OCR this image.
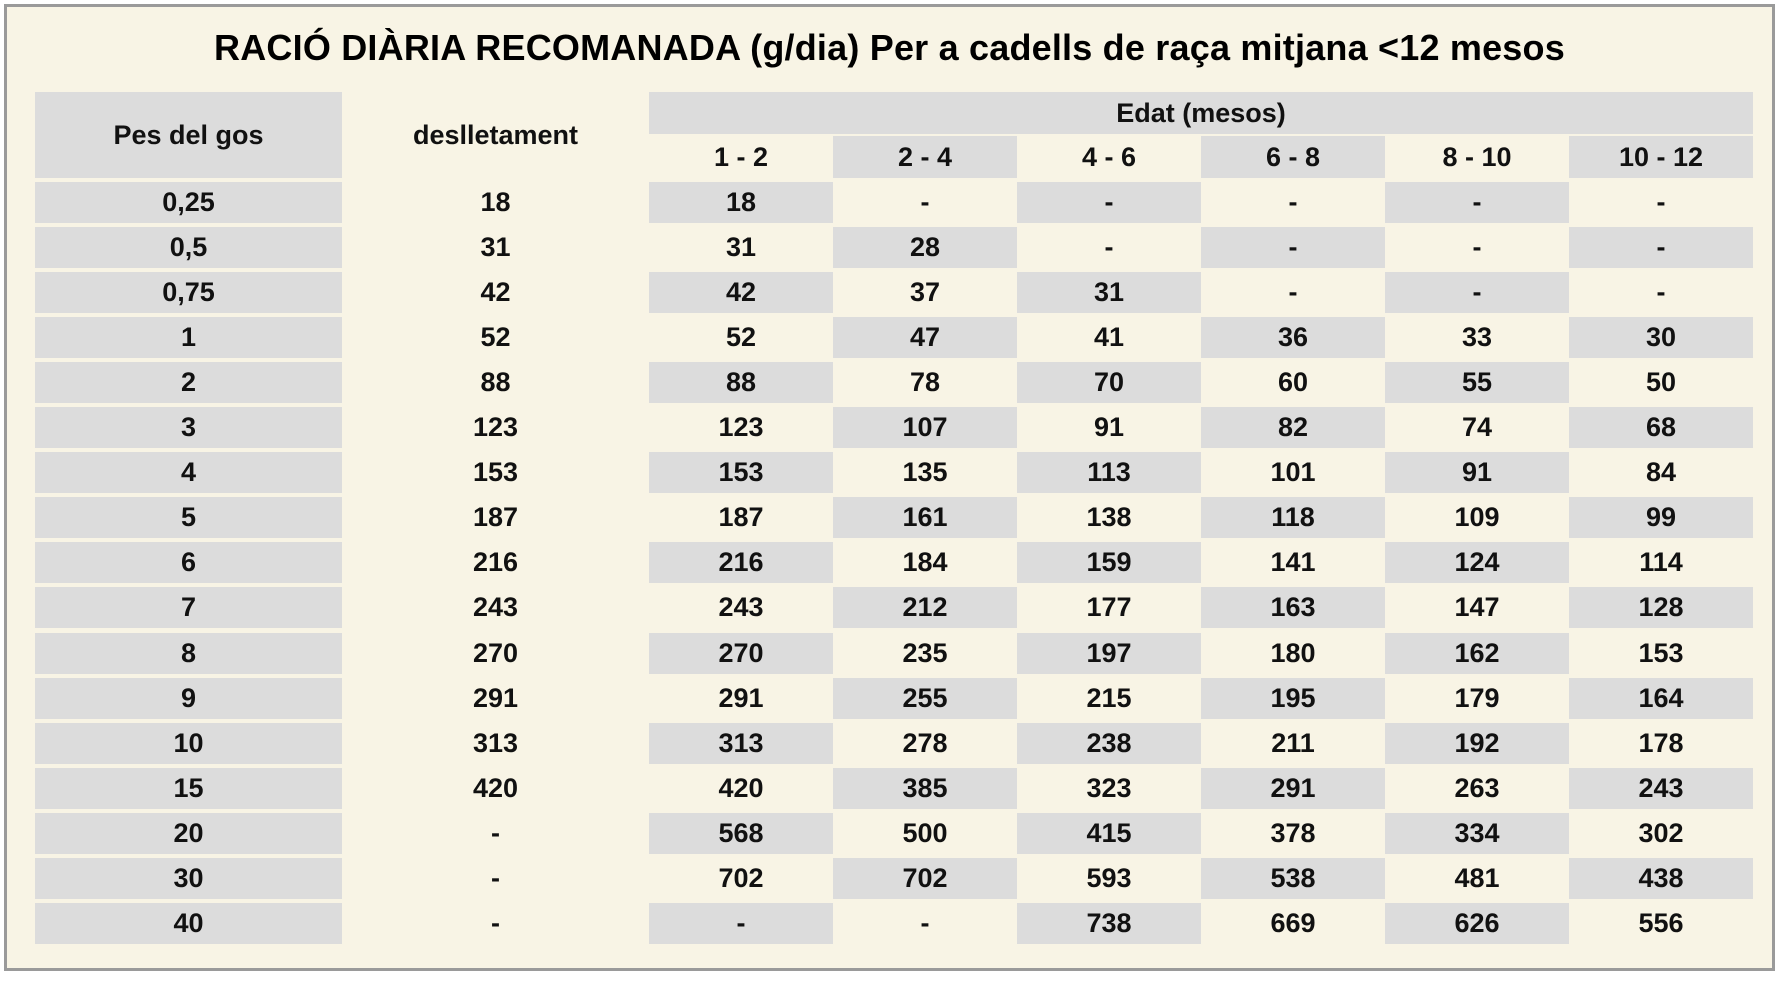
RACIÓ DIÀRIA RECOMANADA (g/dia) Per a cadells de raça mitjana <12 mesos
Pes del gos	deslletament
Edat (mesos)
1 - 2	2 - 4	4 - 6	6 - 8	8 - 10	10 - 12
0,25	18	18	-	-	-	-	-
0,5	31	31	28	-	-	-	-
0,75	42	42	37	31	-	-	-
1	52	52	47	41	36	33	30
2	88	88	78	70	60	55	50
3	123	123	107	91	82	74	68
4	153	153	135	113	101	91	84
5	187	187	161	138	118	109	99
6	216	216	184	159	141	124	114
7	243	243	212	177	163	147	128
8	270	270	235	197	180	162	153
9	291	291	255	215	195	179	164
10	313	313	278	238	211	192	178
15	420	420	385	323	291	263	243
20	-	568	500	415	378	334	302
30	-	702	702	593	538	481	438
40	-	-	-	738	669	626	556
